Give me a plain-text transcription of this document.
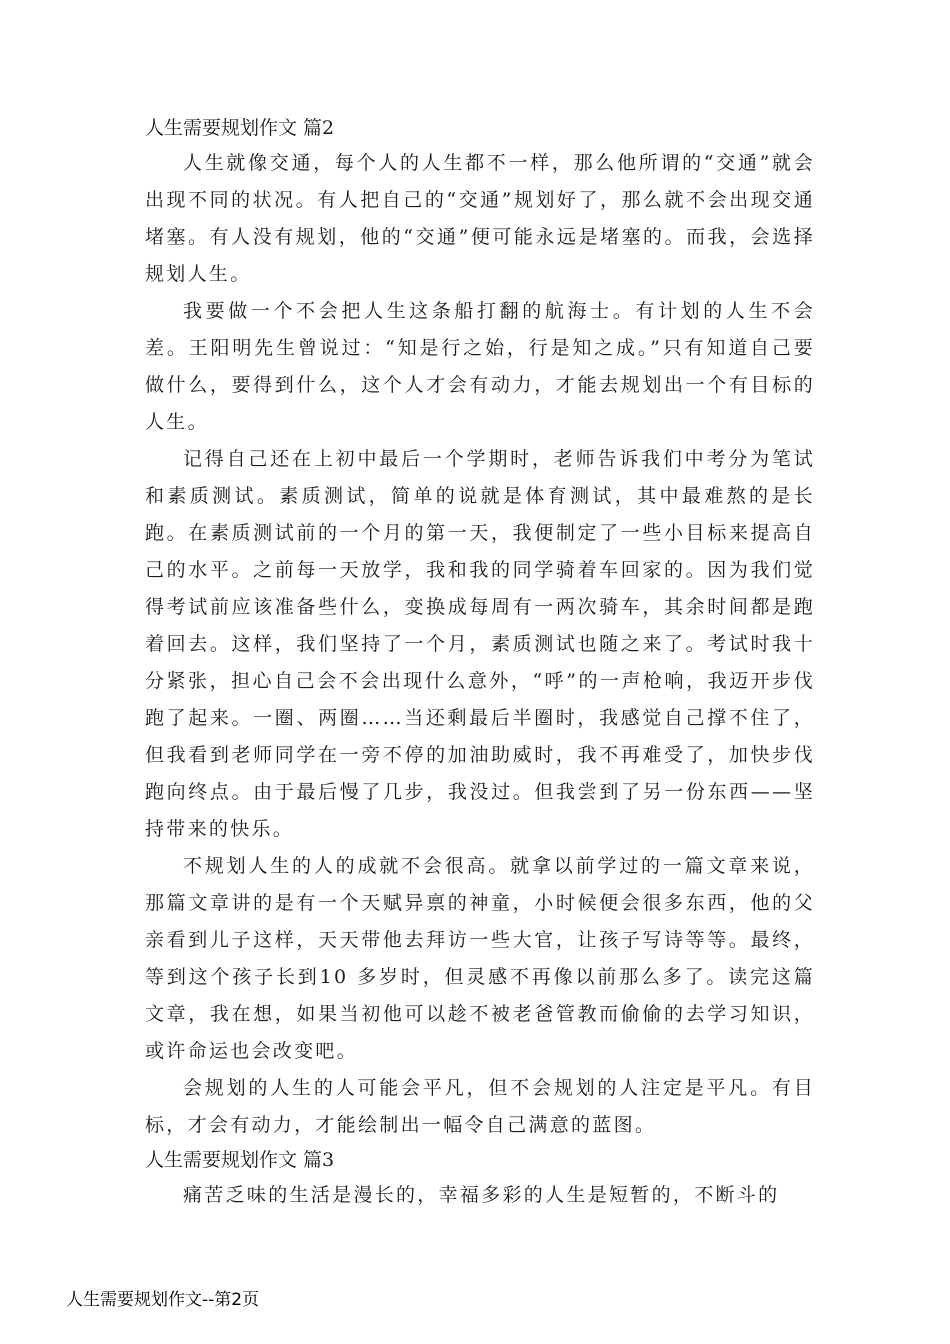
人生需要规划作文 篇2

人生就像交通，每个人的人生都不一样，那么他所谓的“交通”就会出现不同的状况。有人把自己的“交通”规划好了，那么就不会出现交通堵塞。有人没有规划，他的“交通”便可能永远是堵塞的。而我，会选择规划人生。

我要做一个不会把人生这条船打翻的航海士。有计划的人生不会差。王阳明先生曾说过：“知是行之始，行是知之成。”只有知道自己要做什么，要得到什么，这个人才会有动力，才能去规划出一个有目标的人生。

记得自己还在上初中最后一个学期时，老师告诉我们中考分为笔试和素质测试。素质测试，简单的说就是体育测试，其中最难熬的是长跑。在素质测试前的一个月的第一天，我便制定了一些小目标来提高自己的水平。之前每一天放学，我和我的同学骑着车回家的。因为我们觉得考试前应该准备些什么，变换成每周有一两次骑车，其余时间都是跑着回去。这样，我们坚持了一个月，素质测试也随之来了。考试时我十分紧张，担心自己会不会出现什么意外，“呼”的一声枪响，我迈开步伐跑了起来。一圈、两圈……当还剩最后半圈时，我感觉自己撑不住了，但我看到老师同学在一旁不停的加油助威时，我不再难受了，加快步伐跑向终点。由于最后慢了几步，我没过。但我尝到了另一份东西——坚持带来的快乐。

不规划人生的人的成就不会很高。就拿以前学过的一篇文章来说，那篇文章讲的是有一个天赋异禀的神童，小时候便会很多东西，他的父亲看到儿子这样，天天带他去拜访一些大官，让孩子写诗等等。最终，等到这个孩子长到10 多岁时，但灵感不再像以前那么多了。读完这篇文章，我在想，如果当初他可以趁不被老爸管教而偷偷的去学习知识，或许命运也会改变吧。

会规划的人生的人可能会平凡，但不会规划的人注定是平凡。有目标，才会有动力，才能绘制出一幅令自己满意的蓝图。

人生需要规划作文 篇3

痛苦乏味的生活是漫长的，幸福多彩的人生是短暂的，不断斗的

人生需要规划作文--第2页
